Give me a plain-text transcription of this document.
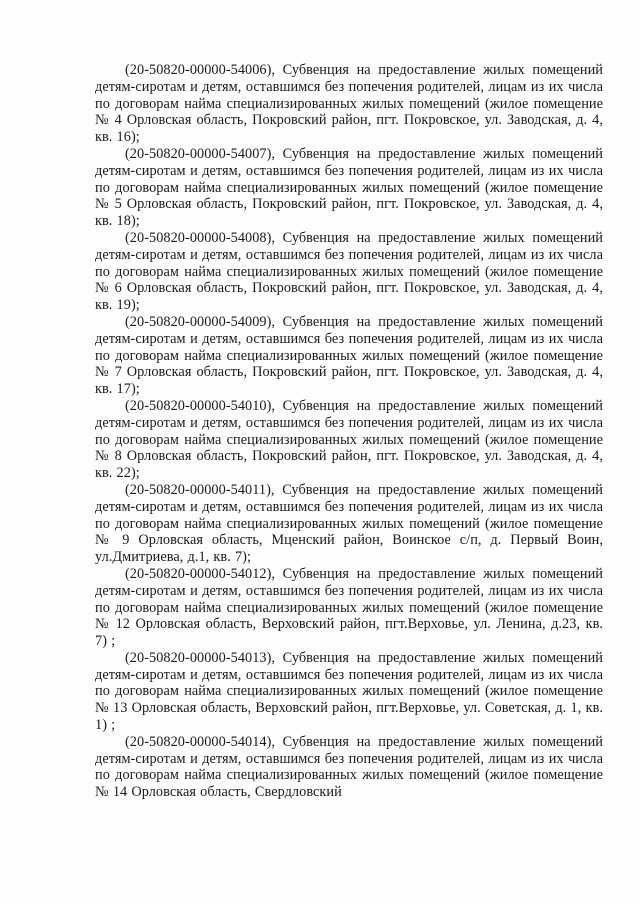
(20-50820-00000-54006), Субвенция на предоставление жилых помещений детям-сиротам и детям, оставшимся без попечения родителей, лицам из их числа по договорам найма специализированных жилых помещений (жилое помещение № 4 Орловская область, Покровский район, пгт. Покровское, ул. Заводская, д. 4, кв. 16);

(20-50820-00000-54007), Субвенция на предоставление жилых помещений детям-сиротам и детям, оставшимся без попечения родителей, лицам из их числа по договорам найма специализированных жилых помещений (жилое помещение № 5 Орловская область, Покровский район, пгт. Покровское, ул. Заводская, д. 4, кв. 18);

(20-50820-00000-54008), Субвенция на предоставление жилых помещений детям-сиротам и детям, оставшимся без попечения родителей, лицам из их числа по договорам найма специализированных жилых помещений (жилое помещение № 6 Орловская область, Покровский район, пгт. Покровское, ул. Заводская, д. 4, кв. 19);

(20-50820-00000-54009), Субвенция на предоставление жилых помещений детям-сиротам и детям, оставшимся без попечения родителей, лицам из их числа по договорам найма специализированных жилых помещений (жилое помещение № 7 Орловская область, Покровский район, пгт. Покровское, ул. Заводская, д. 4, кв. 17);

(20-50820-00000-54010), Субвенция на предоставление жилых помещений детям-сиротам и детям, оставшимся без попечения родителей, лицам из их числа по договорам найма специализированных жилых помещений (жилое помещение № 8 Орловская область, Покровский район, пгт. Покровское, ул. Заводская, д. 4, кв. 22);

(20-50820-00000-54011), Субвенция на предоставление жилых помещений детям-сиротам и детям, оставшимся без попечения родителей, лицам из их числа по договорам найма специализированных жилых помещений (жилое помещение № 9 Орловская область, Мценский район, Воинское с/п, д. Первый Воин, ул.Дмитриева, д.1, кв. 7);

(20-50820-00000-54012), Субвенция на предоставление жилых помещений детям-сиротам и детям, оставшимся без попечения родителей, лицам из их числа по договорам найма специализированных жилых помещений (жилое помещение № 12 Орловская область, Верховский район, пгт.Верховье, ул. Ленина, д.23, кв. 7) ;

(20-50820-00000-54013), Субвенция на предоставление жилых помещений детям-сиротам и детям, оставшимся без попечения родителей, лицам из их числа по договорам найма специализированных жилых помещений (жилое помещение № 13 Орловская область, Верховский район, пгт.Верховье, ул. Советская, д. 1, кв. 1) ;

(20-50820-00000-54014), Субвенция на предоставление жилых помещений детям-сиротам и детям, оставшимся без попечения родителей, лицам из их числа по договорам найма специализированных жилых помещений (жилое помещение № 14 Орловская область, Свердловский
